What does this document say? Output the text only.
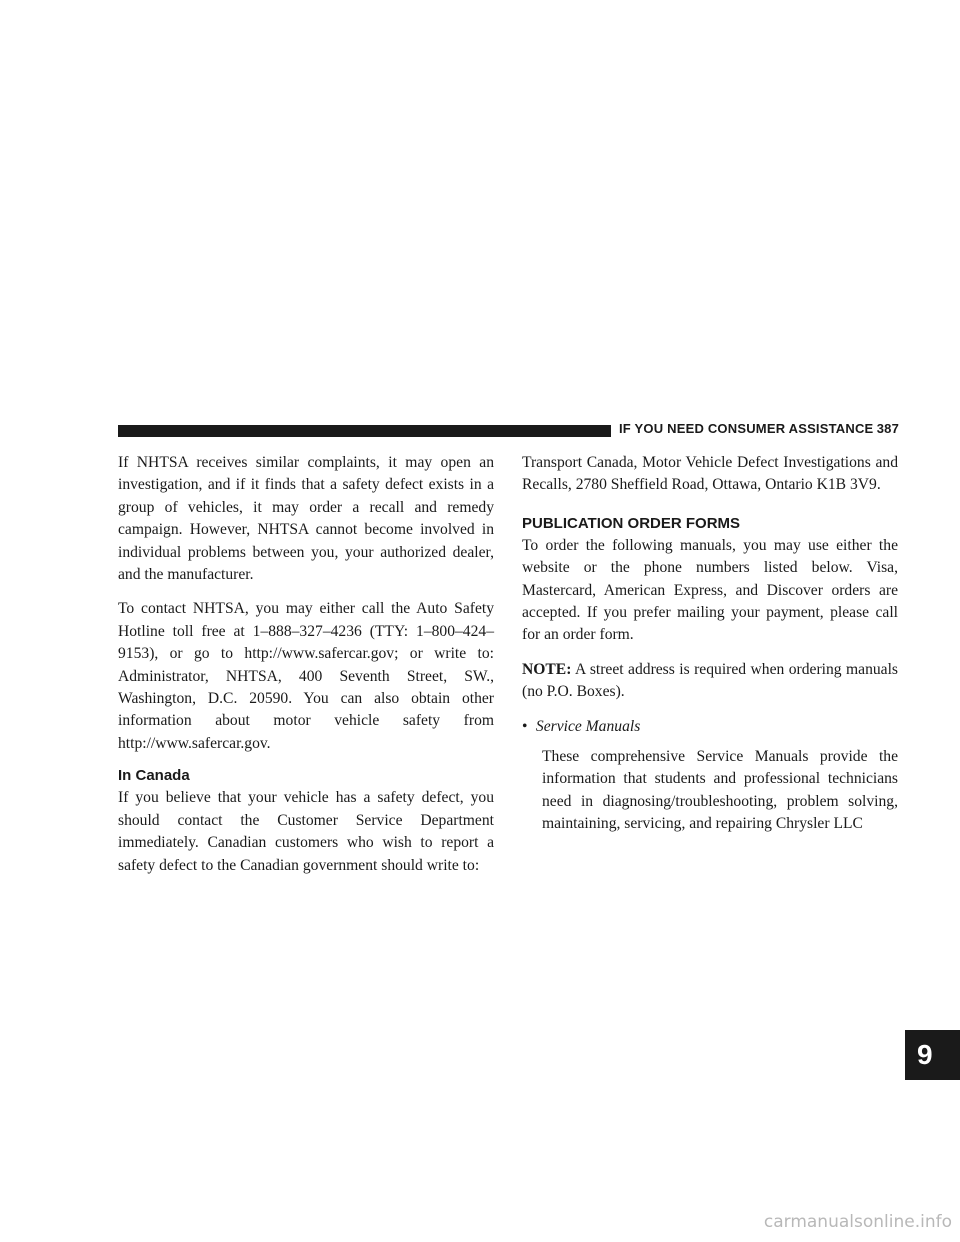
IF YOU NEED CONSUMER ASSISTANCE 387

If NHTSA receives similar complaints, it may open an investigation, and if it finds that a safety defect exists in a group of vehicles, it may order a recall and remedy campaign. However, NHTSA cannot become involved in individual problems between you, your authorized dealer, and the manufacturer.

To contact NHTSA, you may either call the Auto Safety Hotline toll free at 1–888–327–4236 (TTY: 1–800–424– 9153), or go to http://www.safercar.gov; or write to: Administrator, NHTSA, 400 Seventh Street, SW., Washington, D.C. 20590. You can also obtain other information about motor vehicle safety from http://www.safercar.gov.

In Canada

If you believe that your vehicle has a safety defect, you should contact the Customer Service Department immediately. Canadian customers who wish to report a safety defect to the Canadian government should write to:

Transport Canada, Motor Vehicle Defect Investigations and Recalls, 2780 Sheffield Road, Ottawa, Ontario K1B 3V9.

PUBLICATION ORDER FORMS

To order the following manuals, you may use either the website or the phone numbers listed below. Visa, Mastercard, American Express, and Discover orders are accepted. If you prefer mailing your payment, please call for an order form.

NOTE: A street address is required when ordering manuals (no P.O. Boxes).

• Service Manuals

These comprehensive Service Manuals provide the information that students and professional technicians need in diagnosing/troubleshooting, problem solving, maintaining, servicing, and repairing Chrysler LLC

9
carmanualsonline.info
